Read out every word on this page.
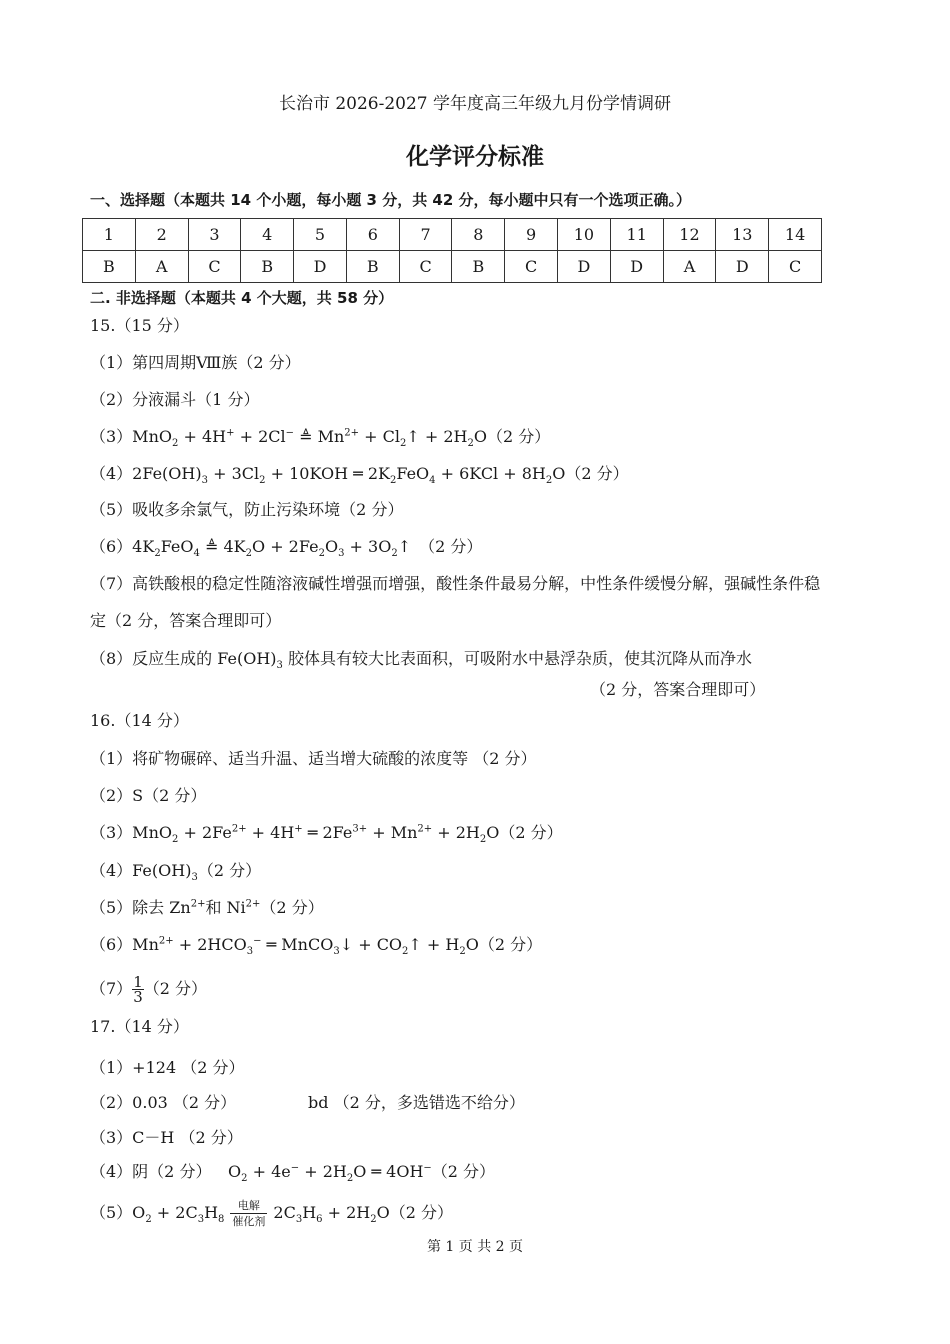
长治市 2026-2027 学年度高三年级九月份学情调研
化学评分标准
一、选择题（本题共 14 个小题，每小题 3 分，共 42 分，每小题中只有一个选项正确。）
1	2	3	4	5	6	7	8	9	10	11	12	13	14
B	A	C	B	D	B	C	B	C	D	D	A	D	C
二. 非选择题（本题共 4 个大题，共 58 分）
15.（15 分）
（1）第四周期Ⅷ族（2 分）
（2）分液漏斗（1 分）
（3）MnO$_2$ + 4H+ + 2Cl− ≜ $Mn^{2+}$ + $Cl_2↑ + 2H_2O(2$ 分）
$(4)2Fe(OH)_3 + 3Cl_2 + 10KOH$ ═ $2K_2FeO_4 + 6KCl + 8H_2O(2$ 分）
（5）吸收多余氯气，防止污染环境（2 分）
$(6)4K_2FeO_4$ ≜ $4K_2O + 2Fe_2O_3$ + $3O_2↑$　（2 分）
（7）高铁酸根的稳定性随溶液碱性增强而增强，酸性条件最易分解，中性条件缓慢分解，强碱性条件稳
定（2 分，答案合理即可）
（8）反应生成的 $Fe(OH)_3$ 胶体具有较大比表面积，可吸附水中悬浮杂质，使其沉降从而净水
（2 分，答案合理即可）
16.（14 分）
（1）将矿物碾碎、适当升温、适当增大硫酸的浓度等 （2 分）
（2）S（2 分）
$(3)MnO_2 + 2Fe^{2+} + 4H^+$ ═ $2Fe^{3+} + Mn^{2+} + 2H_2O(2$ 分）
$(4)Fe(OH)_3(2$ 分）
（5）除去 $Zn^{2+}$和 $Ni^{2+}(2$ 分）
$(6)Mn^{2+} + 2HCO_3^-$ ═ MnCO$_3$↓ + $CO_2↑ + H_2O(2$ 分）
$(7) \frac{1}{3} (2$ 分）
17.（14 分）
（1）+124 （2 分）
（2）0.03 （2 分）	bd （2 分，多选错选不给分）
（3）C－H （2 分）
（4）阴（2 分） $O_2 + 4e^- + 2H_2O$ ═ 4OH−（2 分）
$(5)O_2 + 2C_3H_8$
电解
催化剂 $2C_3H_6 + 2H_2O(2$ 分）
第 1 页 共 2 页
